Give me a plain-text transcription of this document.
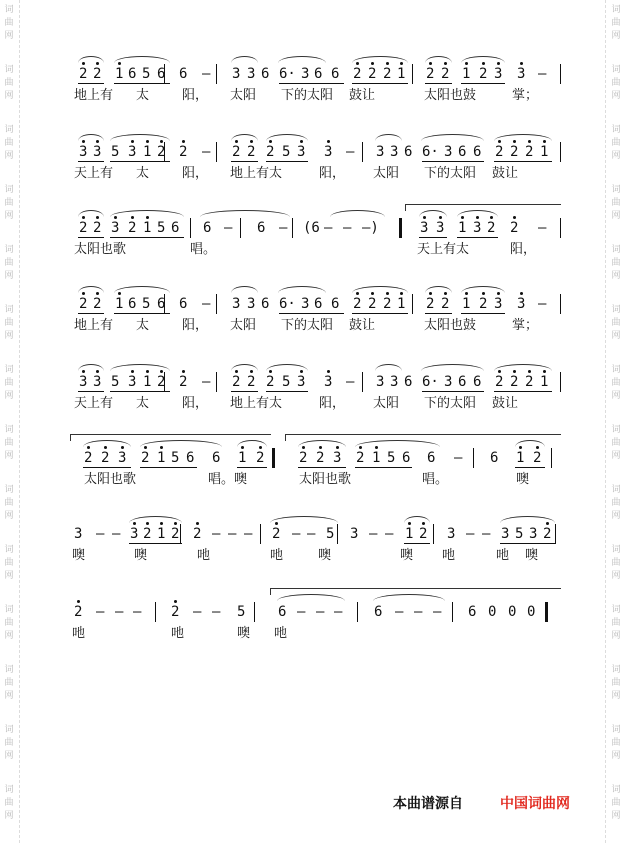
词
曲
网
词
曲
网
词
曲
网
词
曲
网
词
曲
网
词
曲
网
词
曲
网
词
曲
网
词
曲
网
词
曲
网
词
曲
网
词
曲
网
词
曲
网
词
曲
网
词
曲
网
词
曲
网
词
曲
网
词
曲
网
词
曲
网
词
曲
网
词
曲
网
词
曲
网
词
曲
网
词
曲
网
词
曲
网
词
曲
网
词
曲
网
词
曲
网
2 2 1 6 5 6 6 – 3 3 6 6· 3 6 6 2 2 2 1 2 2 1 2 3 3 –
地上有 太	阳， 太阳 下的太阳 鼓让	太阳也鼓	掌；
3 3 5 3 1 2 2 – 2 2 2 5 3 3 – 3 3 6 6· 3 6 6 2 2 2 1
天上有 太	阳， 地上有太	阳， 太阳 下的太阳 鼓让
2 2 3 2 1 5 6 6 – 6 – (6 – – –)	3 3 1 3 2 2 –
太阳也歌	唱。	天上有太	阳，
2 2 1 6 5 6 6 – 3 3 6 6· 3 6 6 2 2 2 1 2 2 1 2 3 3 –
地上有 太	阳， 太阳 下的太阳 鼓让	太阳也鼓	掌；
3 3 5 3 1 2 2 – 2 2 2 5 3 3 – 3 3 6 6· 3 6 6 2 2 2 1
天上有 太	阳， 地上有太	阳， 太阳 下的太阳 鼓让
2 2 3 2 1 5 6 6 1 2 2 2 3 2 1 5 6 6 – 6 1 2
太阳也歌	唱。噢	太阳也歌	唱。	噢
3 – – 3 2 1 2 2 – – – 2 – – 5 3 – – 1 2 3 – – 3 5 3 2
噢	噢	吔	吔	噢	噢 吔	吔 噢
2 – – – 2 – – 5 6 – – – 6 – – – 6 0 0 0
吔	吔	噢 吔
本曲谱源自	中国词曲网
